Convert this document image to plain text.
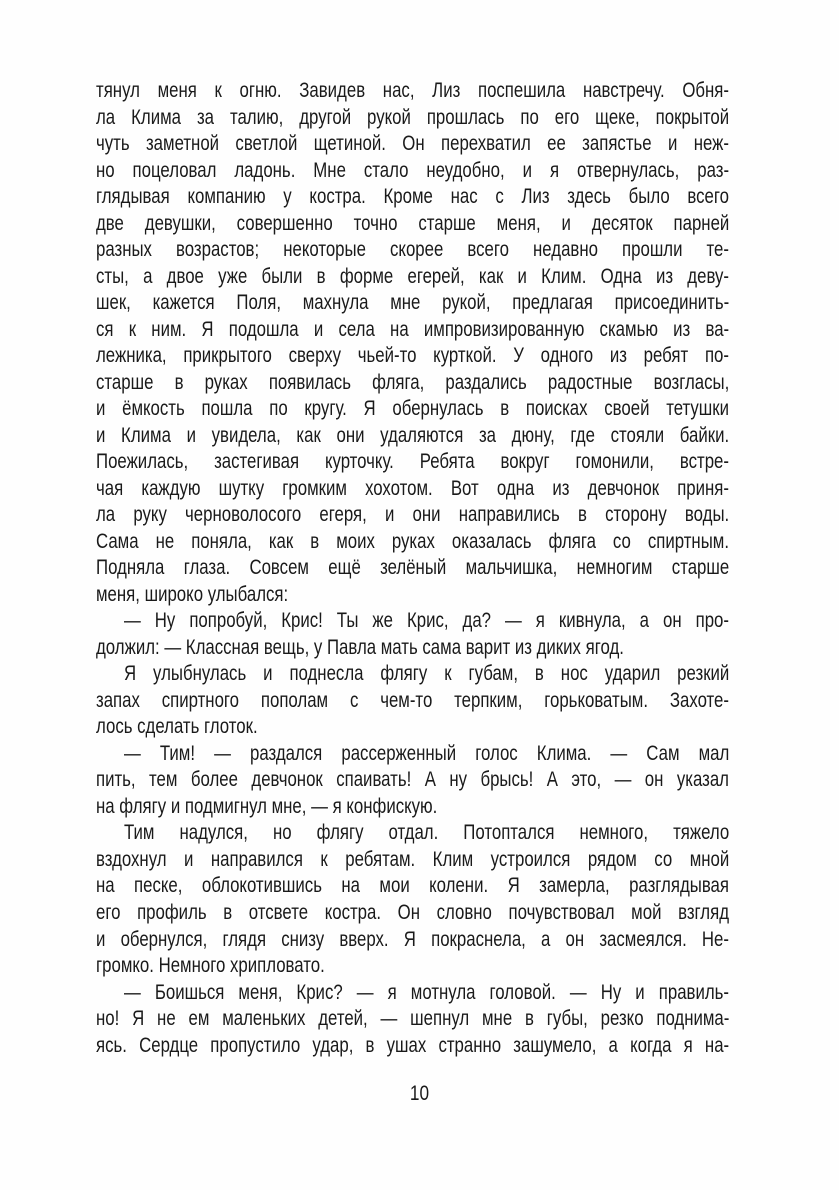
тянул меня к огню. Завидев нас, Лиз поспешила навстречу. Обня-
ла Клима за талию, другой рукой прошлась по его щеке, покрытой
чуть заметной светлой щетиной. Он перехватил ее запястье и неж-
но поцеловал ладонь. Мне стало неудобно, и я отвернулась, раз-
глядывая компанию у костра. Кроме нас с Лиз здесь было всего
две девушки, совершенно точно старше меня, и десяток парней
разных возрастов; некоторые скорее всего недавно прошли те-
сты, а двое уже были в форме егерей, как и Клим. Одна из деву-
шек, кажется Поля, махнула мне рукой, предлагая присоединить-
ся к ним. Я подошла и села на импровизированную скамью из ва-
лежника, прикрытого сверху чьей-то курткой. У одного из ребят по-
старше в руках появилась фляга, раздались радостные возгласы,
и ёмкость пошла по кругу. Я обернулась в поисках своей тетушки
и Клима и увидела, как они удаляются за дюну, где стояли байки.
Поежилась, застегивая курточку. Ребята вокруг гомонили, встре-
чая каждую шутку громким хохотом. Вот одна из девчонок приня-
ла руку черноволосого егеря, и они направились в сторону воды.
Сама не поняла, как в моих руках оказалась фляга со спиртным.
Подняла глаза. Совсем ещё зелёный мальчишка, немногим старше
меня, широко улыбался:
— Ну попробуй, Крис! Ты же Крис, да? — я кивнула, а он про-
должил: — Классная вещь, у Павла мать сама варит из диких ягод.
Я улыбнулась и поднесла флягу к губам, в нос ударил резкий
запах спиртного пополам с чем-то терпким, горьковатым. Захоте-
лось сделать глоток.
— Тим! — раздался рассерженный голос Клима. — Сам мал
пить, тем более девчонок спаивать! А ну брысь! А это, — он указал
на флягу и подмигнул мне, — я конфискую.
Тим надулся, но флягу отдал. Потоптался немного, тяжело
вздохнул и направился к ребятам. Клим устроился рядом со мной
на песке, облокотившись на мои колени. Я замерла, разглядывая
его профиль в отсвете костра. Он словно почувствовал мой взгляд
и обернулся, глядя снизу вверх. Я покраснела, а он засмеялся. Не-
громко. Немного хрипловато.
— Боишься меня, Крис? — я мотнула головой. — Ну и правиль-
но! Я не ем маленьких детей, — шепнул мне в губы, резко поднима-
ясь. Сердце пропустило удар, в ушах странно зашумело, а когда я на-
10
